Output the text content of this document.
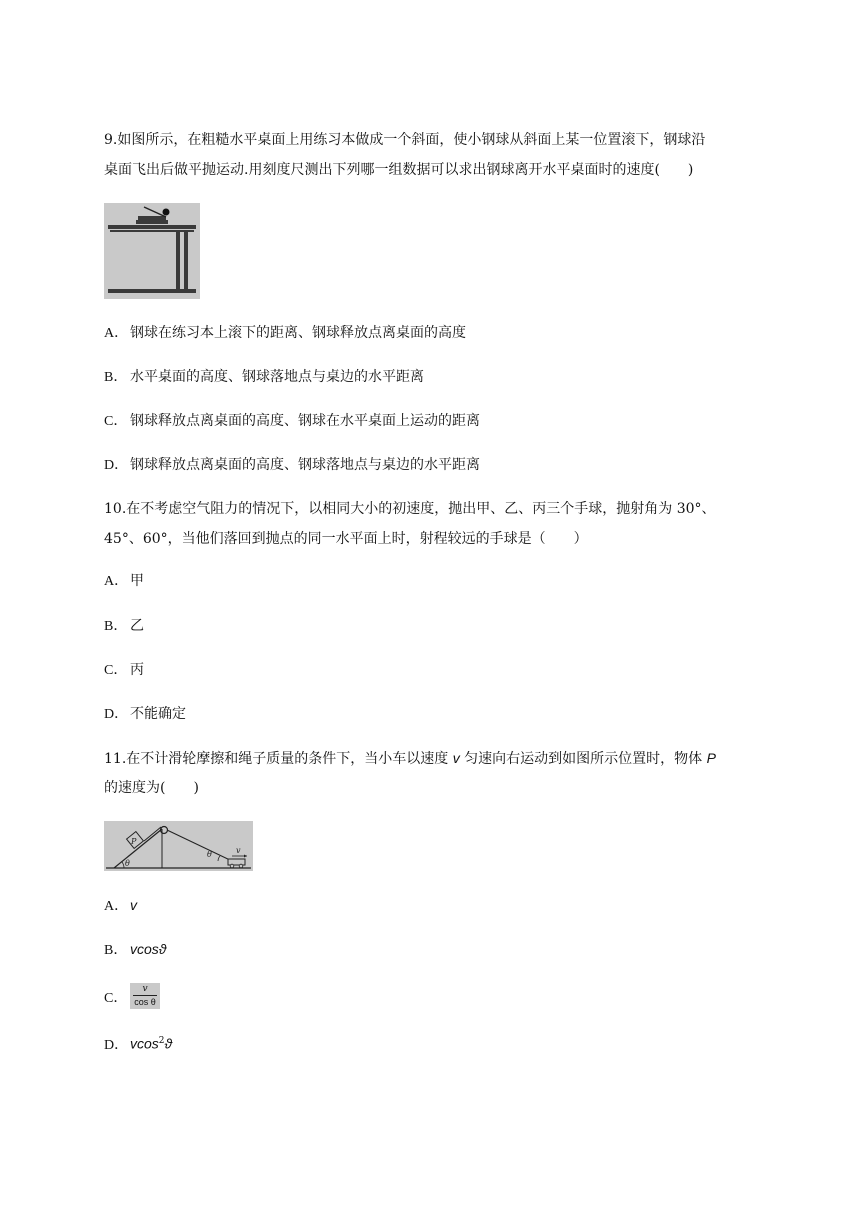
9.如图所示，在粗糙水平桌面上用练习本做成一个斜面，使小钢球从斜面上某一位置滚下，钢球沿
桌面飞出后做平抛运动.用刻度尺测出下列哪一组数据可以求出钢球离开水平桌面时的速度(　　)
A． 钢球在练习本上滚下的距离、钢球释放点离桌面的高度
B． 水平桌面的高度、钢球落地点与桌边的水平距离
C． 钢球释放点离桌面的高度、钢球在水平桌面上运动的距离
D． 钢球释放点离桌面的高度、钢球落地点与桌边的水平距离
10.在不考虑空气阻力的情况下，以相同大小的初速度，抛出甲、乙、丙三个手球，抛射角为 30°、
45°、60°，当他们落回到抛点的同一水平面上时，射程较远的手球是（　　）
A． 甲
B． 乙
C． 丙
D． 不能确定
11.在不计滑轮摩擦和绳子质量的条件下，当小车以速度 v 匀速向右运动到如图所示位置时，物体 P
的速度为(　　)
P
θ
θ	v
A． v
B． vcosϑ
C． $\frac{v}{\text{cos θ}}$
D． vcos$^2$ϑ
